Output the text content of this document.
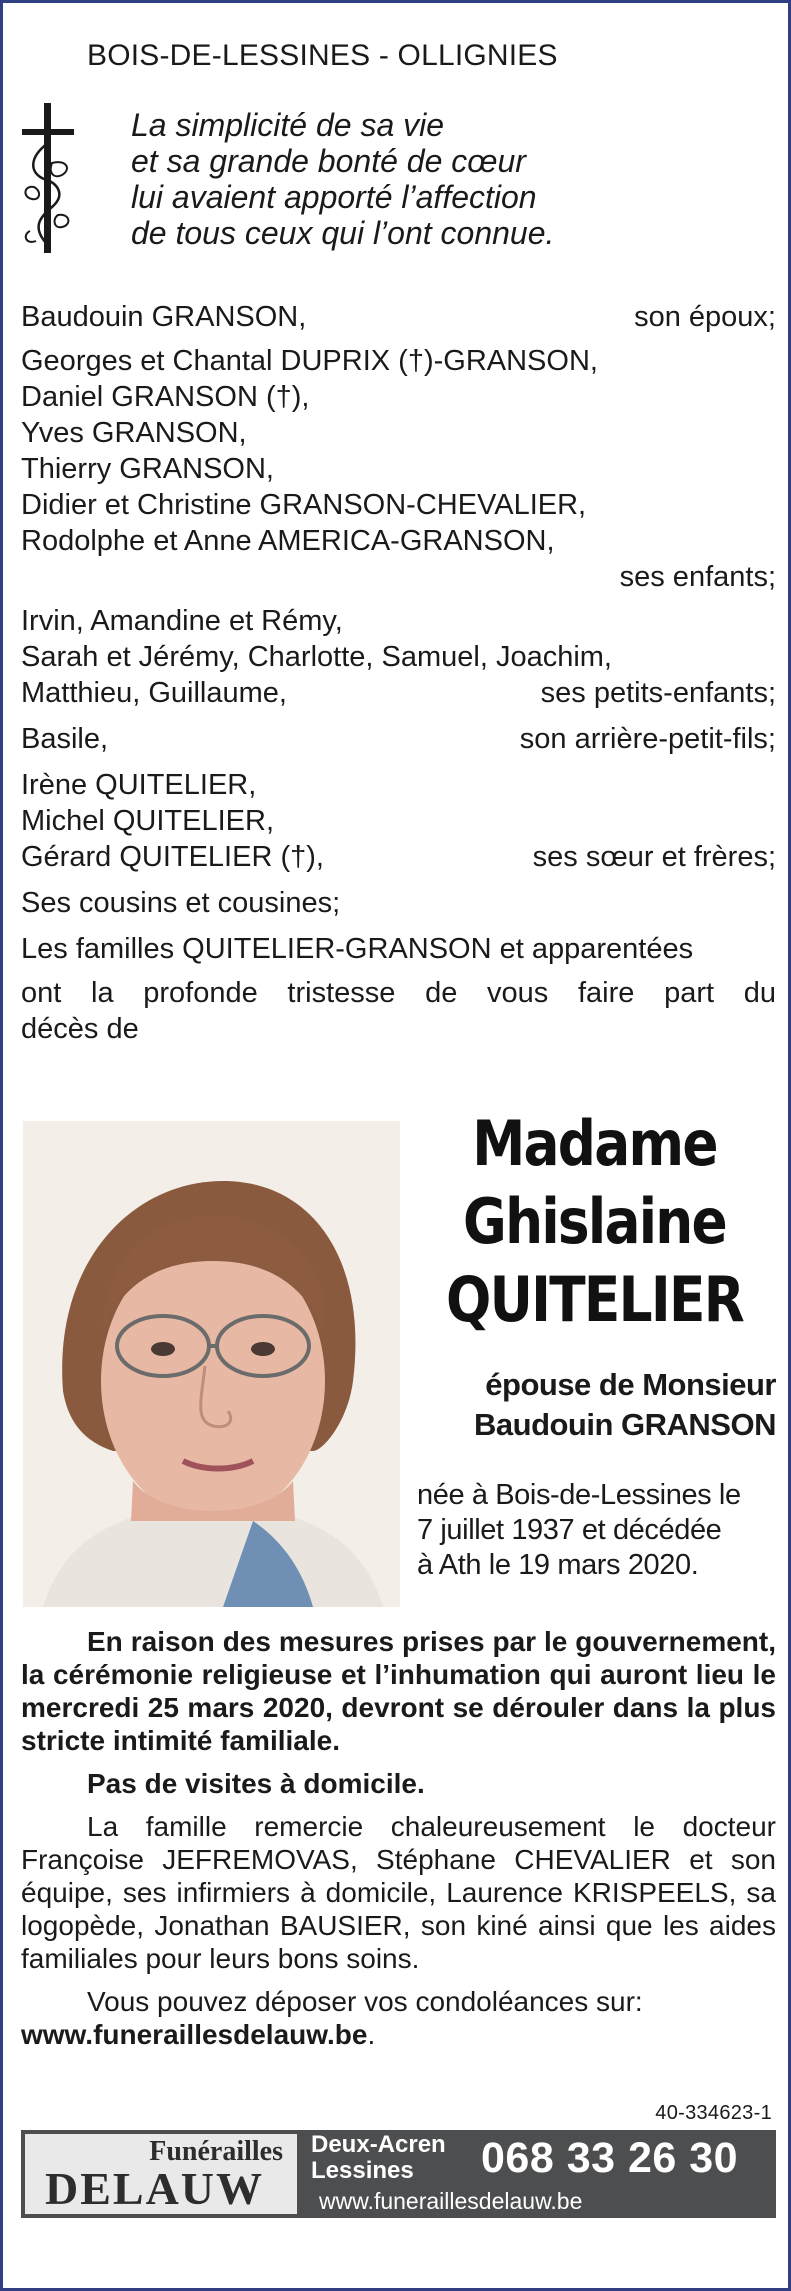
BOIS-DE-LESSINES - OLLIGNIES
La simplicité de sa vie
et sa grande bonté de cœur
lui avaient apporté l’affection
de tous ceux qui l’ont connue.
Baudouin GRANSON,	son époux;
Georges et Chantal DUPRIX (†)-GRANSON,
Daniel GRANSON (†),
Yves GRANSON,
Thierry GRANSON,
Didier et Christine GRANSON-CHEVALIER,
Rodolphe et Anne AMERICA-GRANSON,
ses enfants;
Irvin, Amandine et Rémy,
Sarah et Jérémy, Charlotte, Samuel, Joachim,
Matthieu, Guillaume,	ses petits-enfants;
Basile,	son arrière-petit-fils;
Irène QUITELIER,
Michel QUITELIER,
Gérard QUITELIER (†),	ses sœur et frères;
Ses cousins et cousines;
Les familles QUITELIER-GRANSON et apparentées
ont la profonde tristesse de vous faire part du
décès de
Madame
Ghislaine
QUITELIER
épouse de Monsieur
Baudouin GRANSON
née à Bois-de-Lessines le
7 juillet 1937 et décédée
à Ath le 19 mars 2020.

En raison des mesures prises par le gouvernement, la cérémonie religieuse et l’inhumation qui auront lieu le mercredi 25 mars 2020, devront se dérouler dans la plus stricte intimité familiale.

Pas de visites à domicile.

La famille remercie chaleureusement le docteur Françoise JEFREMOVAS, Stéphane CHEVALIER et son équipe, ses infirmiers à domicile, Laurence KRISPEELS, sa logopède, Jonathan BAUSIER, son kiné ainsi que les aides familiales pour leurs bons soins.

Vous pouvez déposer vos condoléances sur:

www.funeraillesdelauw.be.

40-334623-1
Funérailles
DELAUW
Deux-Acren
Lessines	068 33 26 30
www.funeraillesdelauw.be
